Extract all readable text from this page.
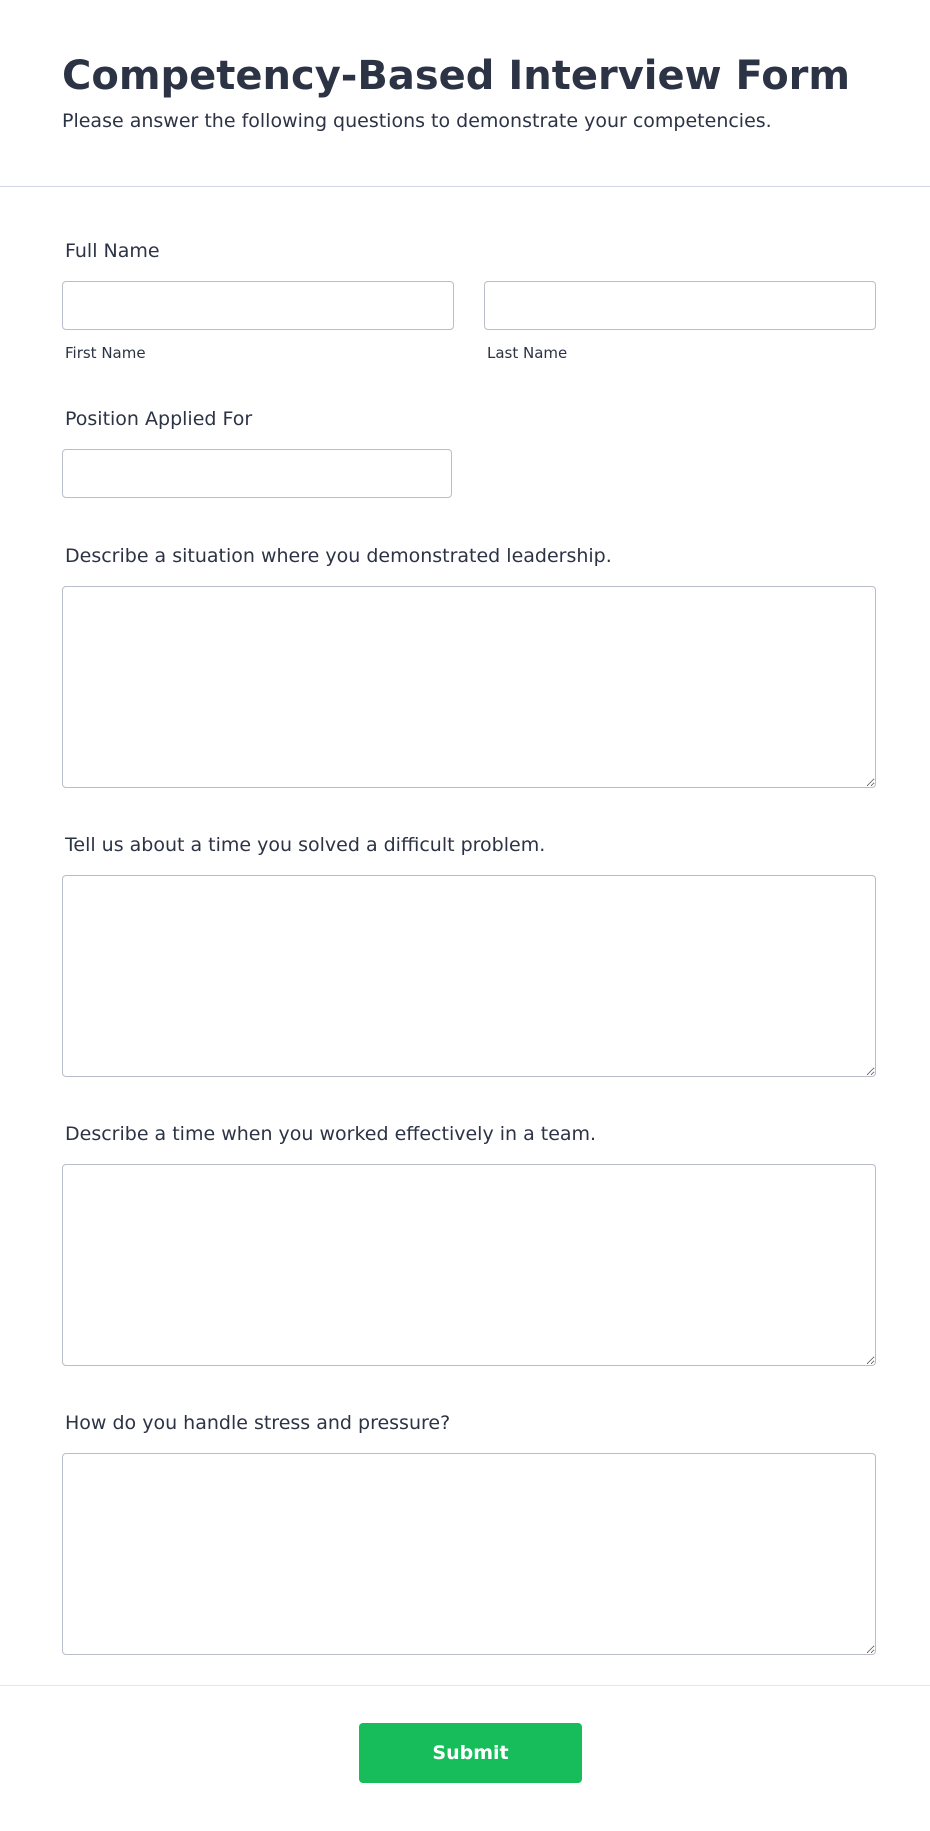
Competency-Based Interview Form

Please answer the following questions to demonstrate your competencies.

Full Name
First Name	Last Name
Position Applied For
Describe a situation where you demonstrated leadership.
Tell us about a time you solved a difficult problem.
Describe a time when you worked effectively in a team.
How do you handle stress and pressure?
Submit
